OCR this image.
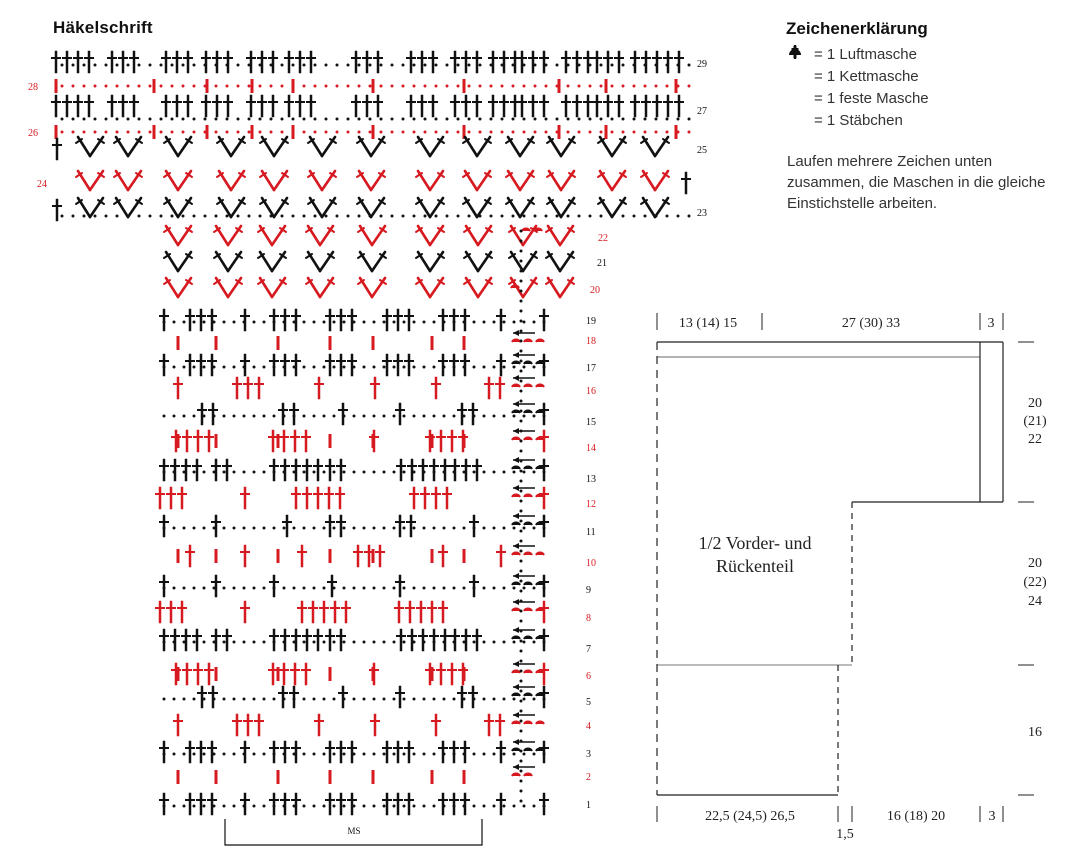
Häkelschrift
29
28
27
26
25
24
23
22
21
20
19
18
17
16
15
14
13
12
11
10
9
8
7
6
5
4
3
2
1
MS
Zeichenerklärung
= 1 Luftmasche
= 1 Kettmasche
= 1 feste Masche
= 1 Stäbchen
Laufen mehrere Zeichen unten zusammen, die Maschen in die gleiche Einstichstelle arbeiten.
13 (14) 15	27 (30) 33	3
20
(21)
22
20
(22)
24
16
22,5 (24,5) 26,5	16 (18) 20	3
1,5
1/2 Vorder- und Rückenteil
